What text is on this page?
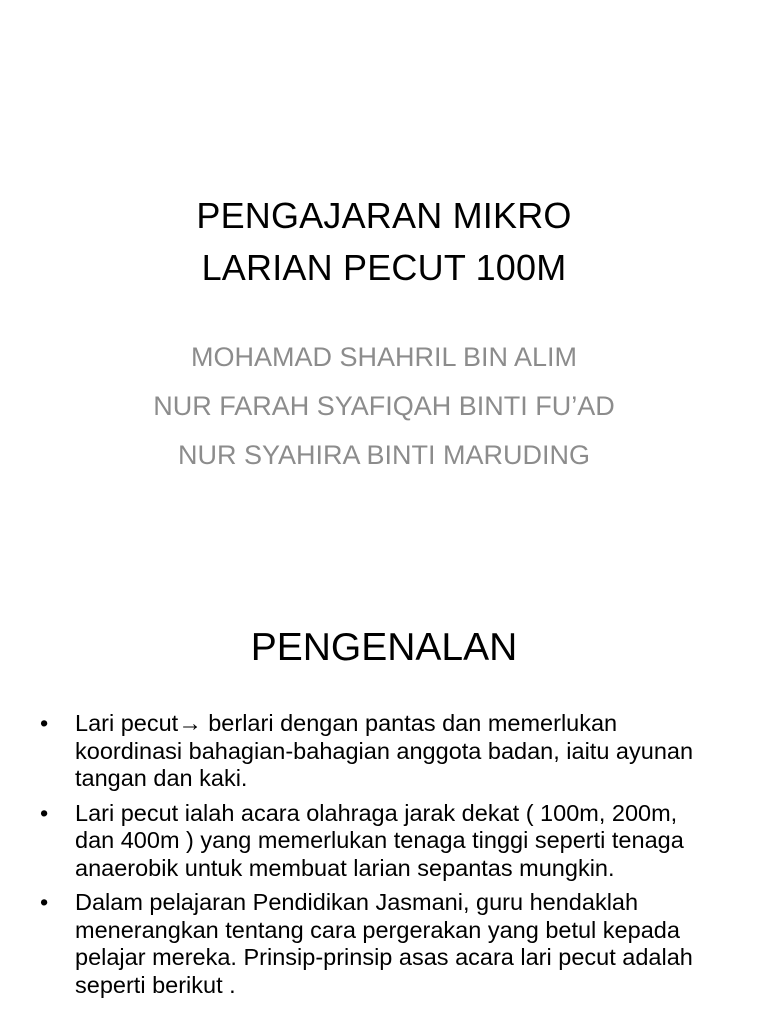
PENGAJARAN MIKRO
LARIAN PECUT 100M
MOHAMAD SHAHRIL BIN ALIM
NUR FARAH SYAFIQAH BINTI FU’AD
NUR SYAHIRA BINTI MARUDING
PENGENALAN
• Lari pecut→ berlari dengan pantas dan memerlukan koordinasi bahagian-bahagian anggota badan, iaitu ayunan tangan dan kaki.
• Lari pecut ialah acara olahraga jarak dekat ( 100m, 200m, dan 400m ) yang memerlukan tenaga tinggi seperti tenaga anaerobik untuk membuat larian sepantas mungkin.
• Dalam pelajaran Pendidikan Jasmani, guru hendaklah menerangkan tentang cara pergerakan yang betul kepada pelajar mereka. Prinsip-prinsip asas acara lari pecut adalah seperti berikut .
